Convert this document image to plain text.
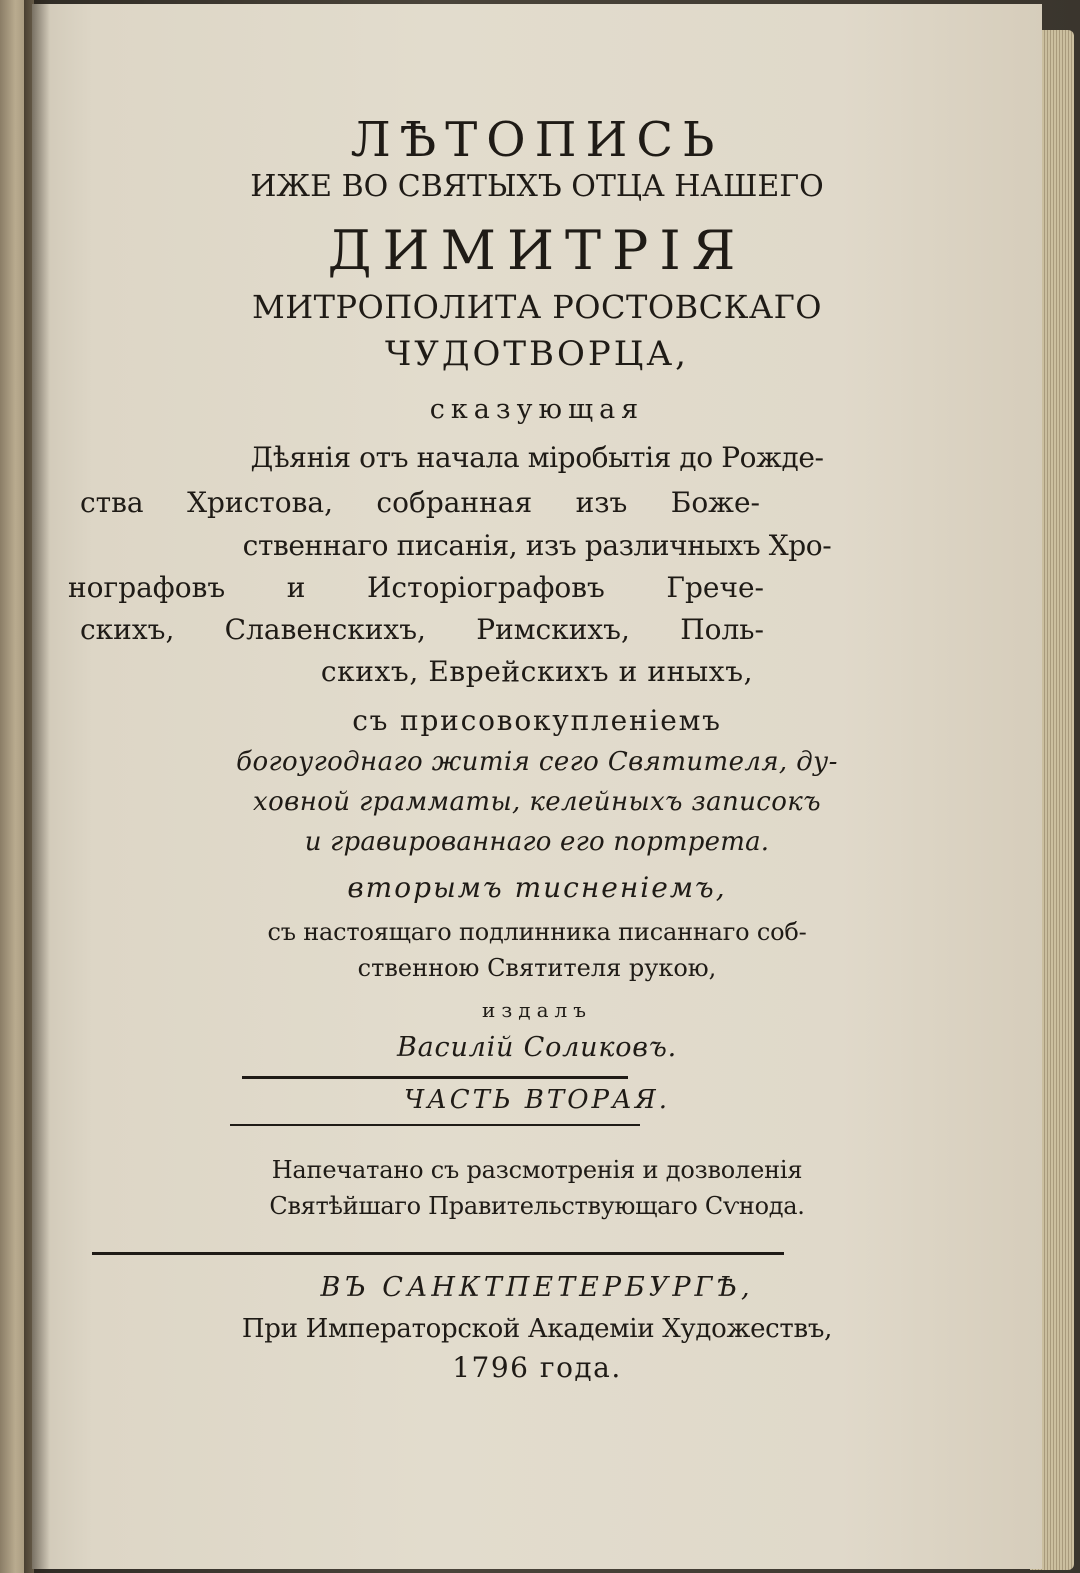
ЛѢТОПИСЬ
ИЖЕ ВО СВЯТЫХЪ ОТЦА НАШЕГО
ДИМИТРІЯ
МИТРОПОЛИТА РОСТОВСКАГО
ЧУДОТВОРЦА,
сказующая
Дѣянія отъ начала міробытія до Рожде-
ства Христова, собранная изъ Боже-
ственнаго писанія, изъ различныхъ Хро-
нографовъ и Исторіографовъ Грече-
скихъ, Славенскихъ, Римскихъ, Поль-
скихъ, Еврейскихъ и иныхъ,
съ присовокупленіемъ
богоугоднаго житія сего Святителя, ду-
ховной грамматы, келейныхъ записокъ
и гравированнаго его портрета.
вторымъ тисненіемъ,
съ настоящаго подлинника писаннаго соб-
ственною Святителя рукою,
издалъ
Василій Соликовъ.
ЧАСТЬ ВТОРАЯ.
Напечатано съ разсмотренія и дозволенія
Святѣйшаго Правительствующаго Сѵнода.
ВЪ САНКТПЕТЕРБУРГѢ,
При Императорской Академіи Художествъ,
1796 года.
